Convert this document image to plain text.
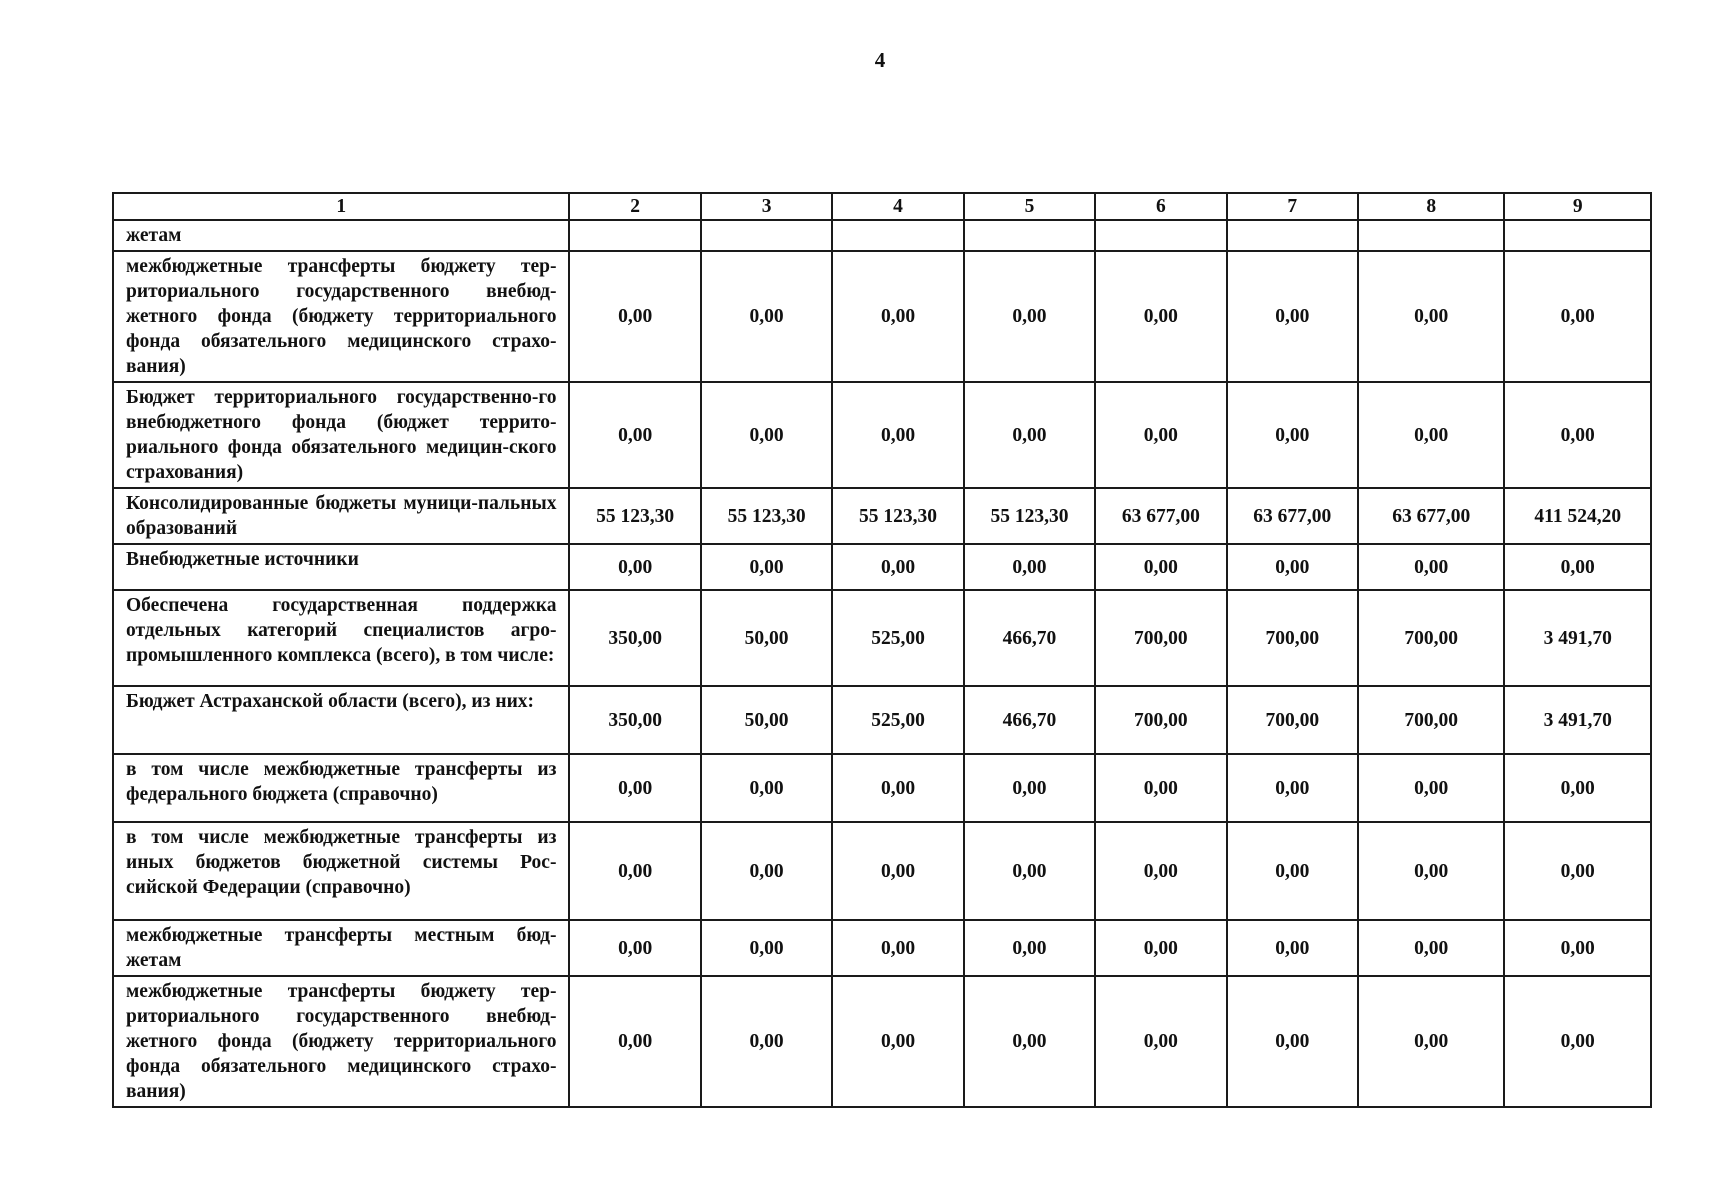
4
1	2	3	4	5	6	7	8	9
жетам								
межбюджетные трансферты бюджету тер-риториального государственного внебюд-жетного фонда (бюджету территориального фонда обязательного медицинского страхо-вания)	0,00	0,00	0,00	0,00	0,00	0,00	0,00	0,00
Бюджет территориального государственно-го внебюджетного фонда (бюджет террито-риального фонда обязательного медицин-ского страхования)	0,00	0,00	0,00	0,00	0,00	0,00	0,00	0,00
Консолидированные бюджеты муници-пальных образований	55 123,30	55 123,30	55 123,30	55 123,30	63 677,00	63 677,00	63 677,00	411 524,20
Внебюджетные источники	0,00	0,00	0,00	0,00	0,00	0,00	0,00	0,00
Обеспечена государственная поддержка отдельных категорий специалистов агро-промышленного комплекса (всего), в том числе:	350,00	50,00	525,00	466,70	700,00	700,00	700,00	3 491,70
Бюджет Астраханской области (всего), из них:	350,00	50,00	525,00	466,70	700,00	700,00	700,00	3 491,70
в том числе межбюджетные трансферты из федерального бюджета (справочно)	0,00	0,00	0,00	0,00	0,00	0,00	0,00	0,00
в том числе межбюджетные трансферты из иных бюджетов бюджетной системы Рос-сийской Федерации (справочно)	0,00	0,00	0,00	0,00	0,00	0,00	0,00	0,00
межбюджетные трансферты местным бюд-жетам	0,00	0,00	0,00	0,00	0,00	0,00	0,00	0,00
межбюджетные трансферты бюджету тер-риториального государственного внебюд-жетного фонда (бюджету территориального фонда обязательного медицинского страхо-вания)	0,00	0,00	0,00	0,00	0,00	0,00	0,00	0,00
